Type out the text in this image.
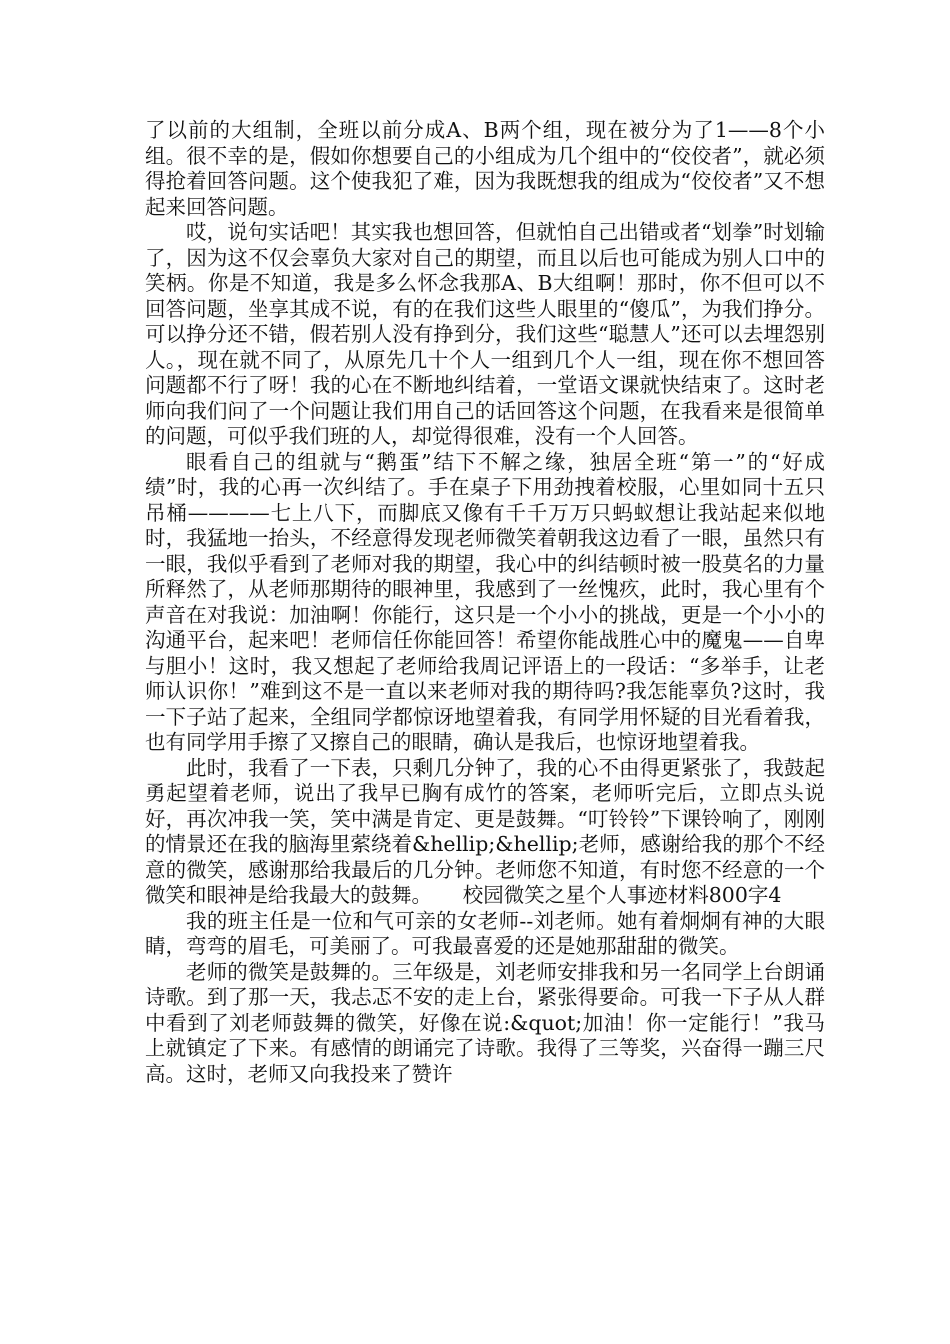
了以前的大组制，全班以前分成A、B两个组，现在被分为了1——8个小组。很不幸的是，假如你想要自己的小组成为几个组中的“佼佼者”，就必须得抢着回答问题。这个使我犯了难，因为我既想我的组成为“佼佼者”又不想起来回答问题。

哎，说句实话吧！其实我也想回答，但就怕自己出错或者“划拳”时划输了，因为这不仅会辜负大家对自己的期望，而且以后也可能成为别人口中的笑柄。你是不知道，我是多么怀念我那A、B大组啊！那时，你不但可以不回答问题，坐享其成不说，有的在我们这些人眼里的“傻瓜”，为我们挣分。可以挣分还不错，假若别人没有挣到分，我们这些“聪慧人”还可以去埋怨别人。，现在就不同了，从原先几十个人一组到几个人一组，现在你不想回答问题都不行了呀！我的心在不断地纠结着，一堂语文课就快结束了。这时老师向我们问了一个问题让我们用自己的话回答这个问题，在我看来是很简单的问题，可似乎我们班的人，却觉得很难，没有一个人回答。

眼看自己的组就与“鹅蛋”结下不解之缘，独居全班“第一”的“好成绩”时，我的心再一次纠结了。手在桌子下用劲拽着校服，心里如同十五只吊桶————七上八下，而脚底又像有千千万万只蚂蚁想让我站起来似地时，我猛地一抬头，不经意得发现老师微笑着朝我这边看了一眼，虽然只有一眼，我似乎看到了老师对我的期望，我心中的纠结顿时被一股莫名的力量所释然了，从老师那期待的眼神里，我感到了一丝愧疚，此时，我心里有个声音在对我说：加油啊！你能行，这只是一个小小的挑战，更是一个小小的沟通平台，起来吧！老师信任你能回答！希望你能战胜心中的魔鬼——自卑与胆小！这时，我又想起了老师给我周记评语上的一段话：“多举手，让老师认识你！”难到这不是一直以来老师对我的期待吗?我怎能辜负?这时，我一下子站了起来，全组同学都惊讶地望着我，有同学用怀疑的目光看着我，也有同学用手擦了又擦自己的眼睛，确认是我后，也惊讶地望着我。

此时，我看了一下表，只剩几分钟了，我的心不由得更紧张了，我鼓起勇起望着老师，说出了我早已胸有成竹的答案，老师听完后，立即点头说好，再次冲我一笑，笑中满是肯定、更是鼓舞。“叮铃铃”下课铃响了，刚刚的情景还在我的脑海里萦绕着&hellip;&hellip;老师，感谢给我的那个不经意的微笑，感谢那给我最后的几分钟。老师您不知道，有时您不经意的一个微笑和眼神是给我最大的鼓舞。　　校园微笑之星个人事迹材料800字4

我的班主任是一位和气可亲的女老师--刘老师。她有着炯炯有神的大眼睛，弯弯的眉毛，可美丽了。可我最喜爱的还是她那甜甜的微笑。

老师的微笑是鼓舞的。三年级是，刘老师安排我和另一名同学上台朗诵诗歌。到了那一天，我忐忑不安的走上台，紧张得要命。可我一下子从人群中看到了刘老师鼓舞的微笑，好像在说:&quot;加油！你一定能行！”我马上就镇定了下来。有感情的朗诵完了诗歌。我得了三等奖，兴奋得一蹦三尺高。这时，老师又向我投来了赞许
